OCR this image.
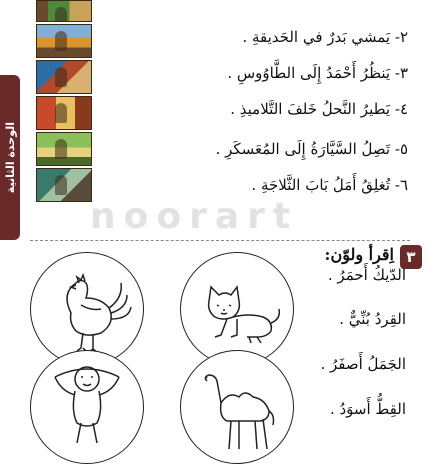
الوحدة الثانية
٢- يَمشي بَدرٌ في الحَديقةِ .
٣- يَنظُرُ أَحْمَدُ إِلَى الطَّاوُوسِ .
٤- يَطيرُ النَّحلُ خَلفَ التَّلاميذِ .
٥- تَصِلُ السَّيَّارَةُ إِلَى المُعَسكَرِ .
٦- تُغلِقُ أَمَلُ بَابَ الثَّلاجَةِ .
noorart
٣
اِقرأ ولوّن:
الدّيكُ أَحمَرُ .
القِردُ بُنِّيٌّ .
الجَمَلُ أَصفَرُ .
القِطُّ أَسوَدُ .
